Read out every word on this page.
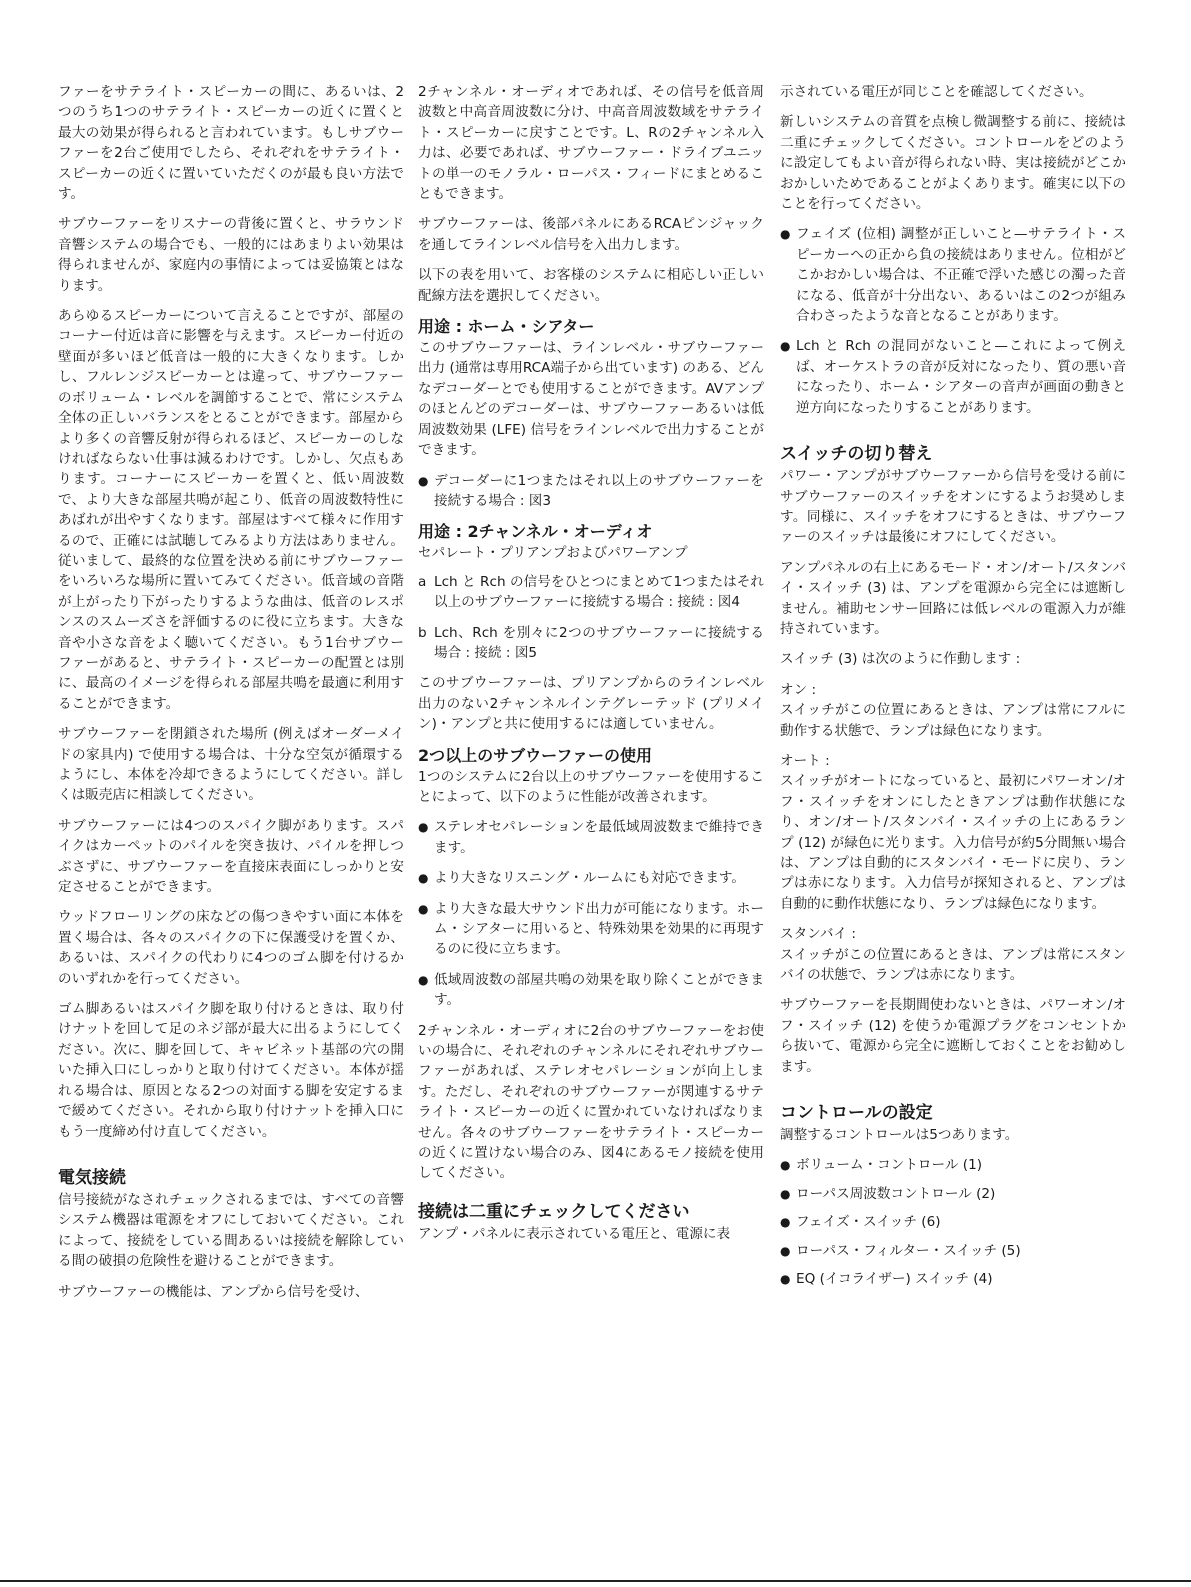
ファーをサテライト・スピーカーの間に、あるいは、2つのうち1つのサテライト・スピーカーの近くに置くと最大の効果が得られると言われています。もしサブウーファーを2台ご使用でしたら、それぞれをサテライト・スピーカーの近くに置いていただくのが最も良い方法です。

サブウーファーをリスナーの背後に置くと、サラウンド音響システムの場合でも、一般的にはあまりよい効果は得られませんが、家庭内の事情によっては妥協策とはなります。

あらゆるスピーカーについて言えることですが、部屋のコーナー付近は音に影響を与えます。スピーカー付近の壁面が多いほど低音は一般的に大きくなります。しかし、フルレンジスピーカーとは違って、サブウーファーのボリューム・レベルを調節することで、常にシステム全体の正しいバランスをとることができます。部屋からより多くの音響反射が得られるほど、スピーカーのしなければならない仕事は減るわけです。しかし、欠点もあります。コーナーにスピーカーを置くと、低い周波数で、より大きな部屋共鳴が起こり、低音の周波数特性にあばれが出やすくなります。部屋はすべて様々に作用するので、正確には試聴してみるより方法はありません。従いまして、最終的な位置を決める前にサブウーファーをいろいろな場所に置いてみてください。低音域の音階が上がったり下がったりするような曲は、低音のレスポンスのスムーズさを評価するのに役に立ちます。大きな音や小さな音をよく聴いてください。もう1台サブウーファーがあると、サテライト・スピーカーの配置とは別に、最高のイメージを得られる部屋共鳴を最適に利用することができます。

サブウーファーを閉鎖された場所 (例えばオーダーメイドの家具内) で使用する場合は、十分な空気が循環するようにし、本体を冷却できるようにしてください。詳しくは販売店に相談してください。

サブウーファーには4つのスパイク脚があります。スパイクはカーペットのパイルを突き抜け、パイルを押しつぶさずに、サブウーファーを直接床表面にしっかりと安定させることができます。

ウッドフローリングの床などの傷つきやすい面に本体を置く場合は、各々のスパイクの下に保護受けを置くか、あるいは、スパイクの代わりに4つのゴム脚を付けるかのいずれかを行ってください。

ゴム脚あるいはスパイク脚を取り付けるときは、取り付けナットを回して足のネジ部が最大に出るようにしてください。次に、脚を回して、キャビネット基部の穴の開いた挿入口にしっかりと取り付けてください。本体が揺れる場合は、原因となる2つの対面する脚を安定するまで緩めてください。それから取り付けナットを挿入口にもう一度締め付け直してください。

電気接続

信号接続がなされチェックされるまでは、すべての音響システム機器は電源をオフにしておいてください。これによって、接続をしている間あるいは接続を解除している間の破損の危険性を避けることができます。

サブウーファーの機能は、アンプから信号を受け、

2チャンネル・オーディオであれば、その信号を低音周波数と中高音周波数に分け、中高音周波数域をサテライト・スピーカーに戻すことです。L、Rの2チャンネル入力は、必要であれば、サブウーファー・ドライブユニットの単一のモノラル・ローパス・フィードにまとめることもできます。

サブウーファーは、後部パネルにあるRCAピンジャックを通してラインレベル信号を入出力します。

以下の表を用いて、お客様のシステムに相応しい正しい配線方法を選択してください。

用途 : ホーム・シアター

このサブウーファーは、ラインレベル・サブウーファー出力 (通常は専用RCA端子から出ています) のある、どんなデコーダーとでも使用することができます。AVアンプのほとんどのデコーダーは、サブウーファーあるいは低周波数効果 (LFE) 信号をラインレベルで出力することができます。

● デコーダーに1つまたはそれ以上のサブウーファーを接続する場合 : 図3
用途 : 2チャンネル・オーディオ

セパレート・プリアンプおよびパワーアンプ

a Lch と Rch の信号をひとつにまとめて1つまたはそれ以上のサブウーファーに接続する場合 : 接続 : 図4
b Lch、Rch を別々に2つのサブウーファーに接続する場合 : 接続 : 図5

このサブウーファーは、プリアンプからのラインレベル出力のない2チャンネルインテグレーテッド (プリメイン)・アンプと共に使用するには適していません。

2つ以上のサブウーファーの使用

1つのシステムに2台以上のサブウーファーを使用することによって、以下のように性能が改善されます。

● ステレオセパレーションを最低域周波数まで維持できます。
● より大きなリスニング・ルームにも対応できます。
● より大きな最大サウンド出力が可能になります。ホーム・シアターに用いると、特殊効果を効果的に再現するのに役に立ちます。
● 低域周波数の部屋共鳴の効果を取り除くことができます。

2チャンネル・オーディオに2台のサブウーファーをお使いの場合に、それぞれのチャンネルにそれぞれサブウーファーがあれば、ステレオセパレーションが向上します。ただし、それぞれのサブウーファーが関連するサテライト・スピーカーの近くに置かれていなければなりません。各々のサブウーファーをサテライト・スピーカーの近くに置けない場合のみ、図4にあるモノ接続を使用してください。

接続は二重にチェックしてください

アンプ・パネルに表示されている電圧と、電源に表

示されている電圧が同じことを確認してください。

新しいシステムの音質を点検し微調整する前に、接続は二重にチェックしてください。コントロールをどのように設定してもよい音が得られない時、実は接続がどこかおかしいためであることがよくあります。確実に以下のことを行ってください。

● フェイズ (位相) 調整が正しいこと—サテライト・スピーカーへの正から負の接続はありません。位相がどこかおかしい場合は、不正確で浮いた感じの濁った音になる、低音が十分出ない、あるいはこの2つが組み合わさったような音となることがあります。
● Lch と Rch の混同がないこと—これによって例えば、オーケストラの音が反対になったり、質の悪い音になったり、ホーム・シアターの音声が画面の動きと逆方向になったりすることがあります。
スイッチの切り替え

パワー・アンプがサブウーファーから信号を受ける前にサブウーファーのスイッチをオンにするようお奨めします。同様に、スイッチをオフにするときは、サブウーファーのスイッチは最後にオフにしてください。

アンプパネルの右上にあるモード・オン/オート/スタンバイ・スイッチ (3) は、アンプを電源から完全には遮断しません。補助センサー回路には低レベルの電源入力が維持されています。

スイッチ (3) は次のように作動します :

オン :

スイッチがこの位置にあるときは、アンプは常にフルに動作する状態で、ランプは緑色になります。

オート :

スイッチがオートになっていると、最初にパワーオン/オフ・スイッチをオンにしたときアンプは動作状態になり、オン/オート/スタンバイ・スイッチの上にあるランプ (12) が緑色に光ります。入力信号が約5分間無い場合は、アンプは自動的にスタンバイ・モードに戻り、ランプは赤になります。入力信号が探知されると、アンプは自動的に動作状態になり、ランプは緑色になります。

スタンバイ :

スイッチがこの位置にあるときは、アンプは常にスタンバイの状態で、ランプは赤になります。

サブウーファーを長期間使わないときは、パワーオン/オフ・スイッチ (12) を使うか電源プラグをコンセントから抜いて、電源から完全に遮断しておくことをお勧めします。

コントロールの設定

調整するコントロールは5つあります。

● ボリューム・コントロール (1)
● ローパス周波数コントロール (2)
● フェイズ・スイッチ (6)
● ローパス・フィルター・スイッチ (5)
● EQ (イコライザー) スイッチ (4)
